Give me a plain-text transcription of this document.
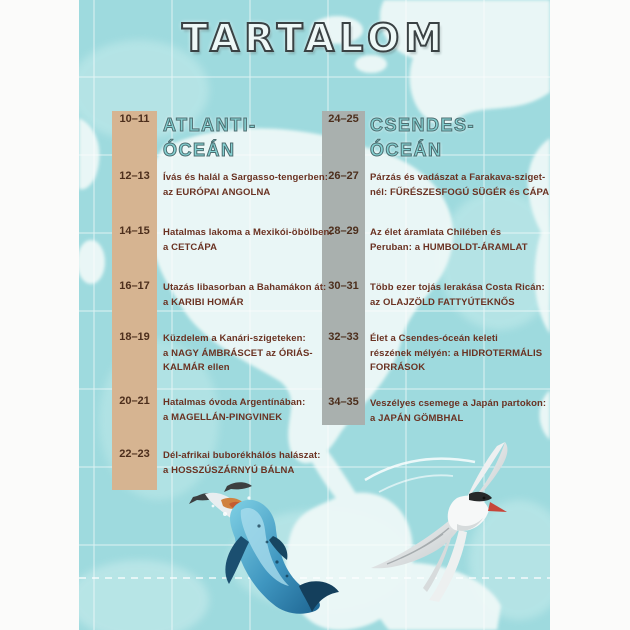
TARTALOM
10–11 ATLANTI-
ÓCEÁN
12–13	Ívás és halál a Sargasso-tengerben:
az EURÓPAI ANGOLNA
14–15	Hatalmas lakoma a Mexikói-öbölben:
a CETCÁPA
16–17	Utazás libasorban a Bahamákon át:
a KARIBI HOMÁR
18–19	Küzdelem a Kanári-szigeteken:
a NAGY ÁMBRÁSCET az ÓRIÁS-
KALMÁR ellen
20–21	Hatalmas óvoda Argentínában:
a MAGELLÁN-PINGVINEK
22–23	Dél-afrikai buborékhálós halászat:
a HOSSZÚSZÁRNYÚ BÁLNA
24–25 CSENDES-
ÓCEÁN
26–27	Párzás és vadászat a Farakava-sziget-
nél: FŰRÉSZESFOGÚ SÜGÉR és CÁPA
28–29	Az élet áramlata Chilében és
Peruban: a HUMBOLDT-ÁRAMLAT
30–31	Több ezer tojás lerakása Costa Ricán:
az OLAJZÖLD FATTYÚTEKNŐS
32–33	Élet a Csendes-óceán keleti
részének mélyén: a HIDROTERMÁLIS
FORRÁSOK
34–35	Veszélyes csemege a Japán partokon:
a JAPÁN GÖMBHAL
